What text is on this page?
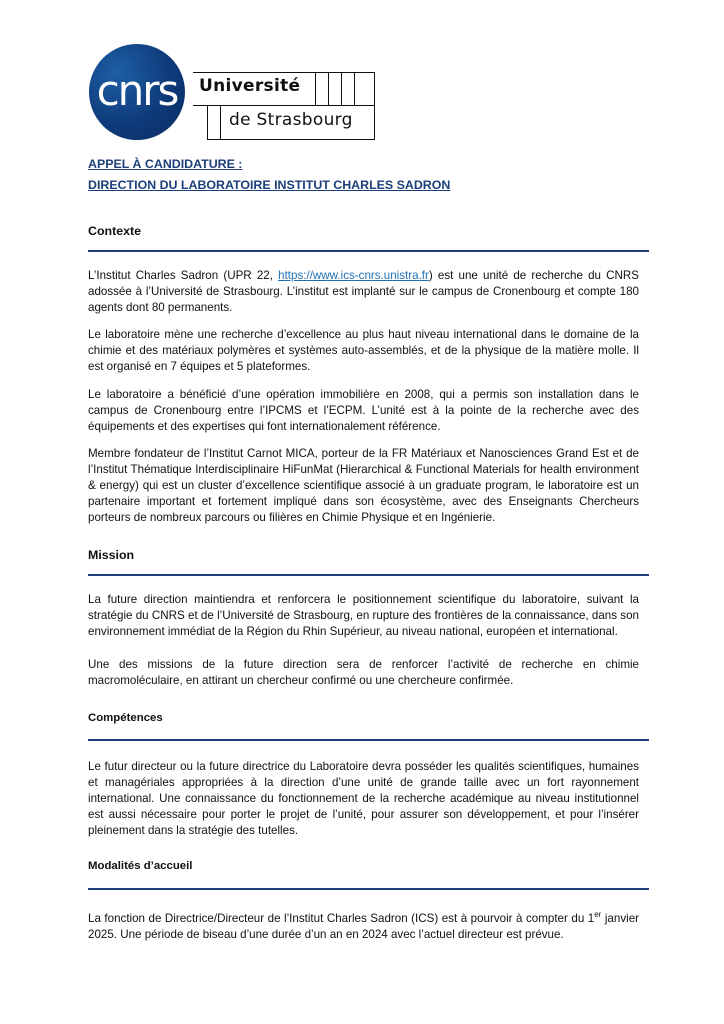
cnrs Université
de Strasbourg
APPEL À CANDIDATURE :
DIRECTION DU LABORATOIRE INSTITUT CHARLES SADRON
Contexte
L’Institut Charles Sadron (UPR 22, https://www.ics-cnrs.unistra.fr) est une unité de recherche du CNRS adossée à l’Université de Strasbourg. L’institut est implanté sur le campus de Cronenbourg et compte 180 agents dont 80 permanents.
Le laboratoire mène une recherche d’excellence au plus haut niveau international dans le domaine de la chimie et des matériaux polymères et systèmes auto-assemblés, et de la physique de la matière molle. Il est organisé en 7 équipes et 5 plateformes.
Le laboratoire a bénéficié d’une opération immobilière en 2008, qui a permis son installation dans le campus de Cronenbourg entre l’IPCMS et l’ECPM. L’unité est à la pointe de la recherche avec des équipements et des expertises qui font internationalement référence.
Membre fondateur de l’Institut Carnot MICA, porteur de la FR Matériaux et Nanosciences Grand Est et de l’Institut Thématique Interdisciplinaire HiFunMat (Hierarchical & Functional Materials for health environment & energy) qui est un cluster d’excellence scientifique associé à un graduate program, le laboratoire est un partenaire important et fortement impliqué dans son écosystème, avec des Enseignants Chercheurs porteurs de nombreux parcours ou filières en Chimie Physique et en Ingénierie.
Mission
La future direction maintiendra et renforcera le positionnement scientifique du laboratoire, suivant la stratégie du CNRS et de l’Université de Strasbourg, en rupture des frontières de la connaissance, dans son environnement immédiat de la Région du Rhin Supérieur, au niveau national, européen et international.
Une des missions de la future direction sera de renforcer l’activité de recherche en chimie macromoléculaire, en attirant un chercheur confirmé ou une chercheure confirmée.
Compétences
Le futur directeur ou la future directrice du Laboratoire devra posséder les qualités scientifiques, humaines et managériales appropriées à la direction d’une unité de grande taille avec un fort rayonnement international. Une connaissance du fonctionnement de la recherche académique au niveau institutionnel est aussi nécessaire pour porter le projet de l’unité, pour assurer son développement, et pour l’insérer pleinement dans la stratégie des tutelles.
Modalités d’accueil
La fonction de Directrice/Directeur de l’Institut Charles Sadron (ICS) est à pourvoir à compter du 1er janvier 2025. Une période de biseau d’une durée d’un an en 2024 avec l’actuel directeur est prévue.
